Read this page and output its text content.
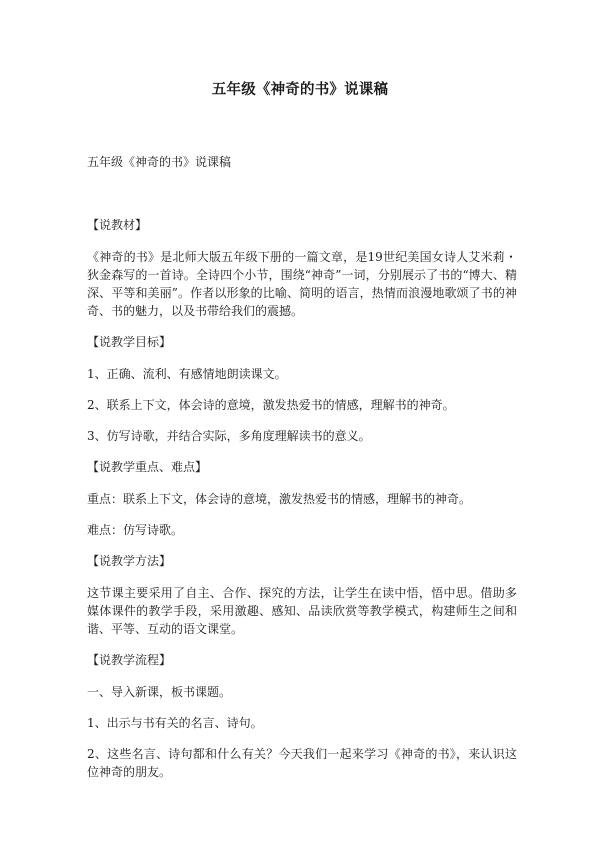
五年级《神奇的书》说课稿
五年级《神奇的书》说课稿

【说教材】

《神奇的书》是北师大版五年级下册的一篇文章，是19世纪美国女诗人艾米莉・狄金森写的一首诗。全诗四个小节，围绕“神奇”一词，分别展示了书的“博大、精深、平等和美丽”。作者以形象的比喻、简明的语言，热情而浪漫地歌颂了书的神奇、书的魅力，以及书带给我们的震撼。

【说教学目标】

1、正确、流利、有感情地朗读课文。

2、联系上下文，体会诗的意境，激发热爱书的情感，理解书的神奇。

3、仿写诗歌，并结合实际，多角度理解读书的意义。

【说教学重点、难点】

重点：联系上下文，体会诗的意境，激发热爱书的情感，理解书的神奇。

难点：仿写诗歌。

【说教学方法】

这节课主要采用了自主、合作、探究的方法，让学生在读中悟，悟中思。借助多媒体课件的教学手段，采用激趣、感知、品读欣赏等教学模式，构建师生之间和谐、平等、互动的语文课堂。

【说教学流程】

一、导入新课，板书课题。

1、出示与书有关的名言、诗句。

2、这些名言、诗句都和什么有关？今天我们一起来学习《神奇的书》，来认识这位神奇的朋友。
